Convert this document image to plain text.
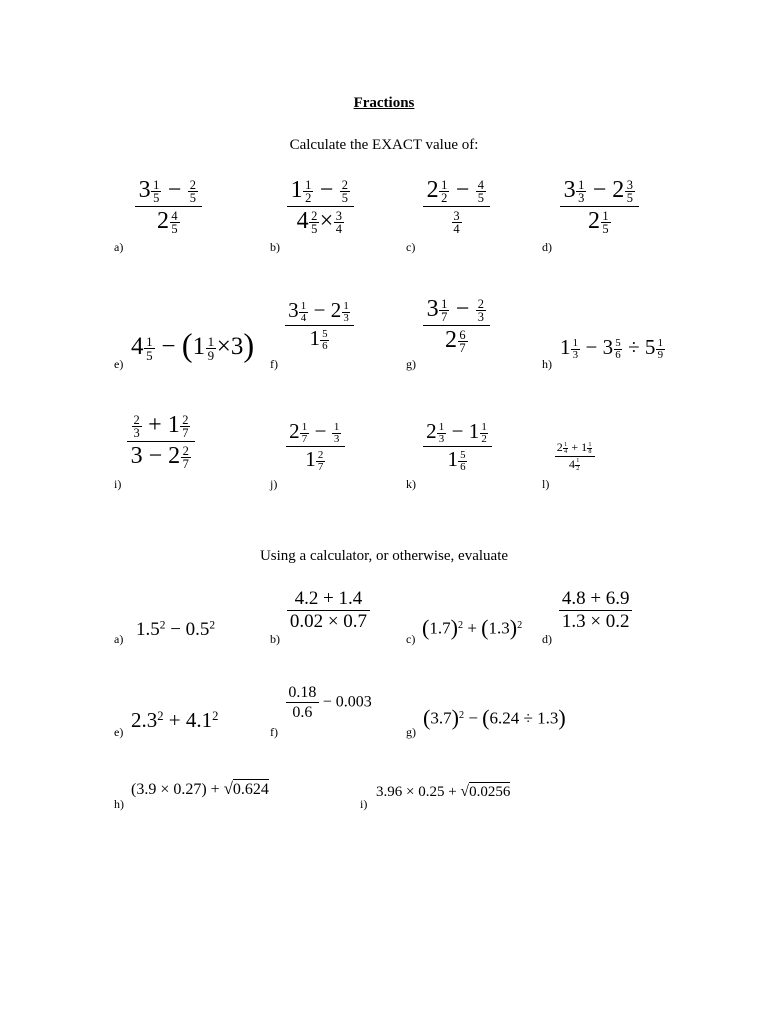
Fractions
Calculate the EXACT value of:
a)
$\frac{3 \frac{1}{5} - \frac{2}{5}}{2 \frac{4}{5}}$
b)
$\frac{1 \frac{1}{2} - \frac{2}{5}}{4 \frac{2}{5} \times \frac{3}{4}}$
c)
$\frac{2 \frac{1}{2} - \frac{4}{5}}{\frac{3}{4}}$
d)
$\frac{3 \frac{1}{3} - 2 \frac{3}{5}}{2 \frac{1}{5}}$
e)
$4 \frac{1}{5} - (1 \frac{1}{9} \times 3)$ f)
$\frac{3 \frac{1}{4} - 2 \frac{1}{3}}{1 \frac{5}{6}}$
g)
$\frac{3 \frac{1}{7} - \frac{2}{3}}{2 \frac{6}{7}}$
h)
$1 \frac{1}{3} - 3 \frac{5}{6} \div 5 \frac{1}{9}$
i)
$\frac{\frac{2}{3} + 1 \frac{2}{7}}{3 - 2 \frac{2}{7}}$
j)
$\frac{2 \frac{1}{7} - \frac{1}{3}}{1 \frac{2}{7}}$
k)
$\frac{2 \frac{1}{3} - 1 \frac{1}{2}}{1 \frac{5}{6}}$
l)
$\frac{2 \frac{1}{4} + 1 \frac{1}{8}}{4 \frac{1}{2}}$
Using a calculator, or otherwise, evaluate
a) $1.5^2 - 0.5^2$
b)
$\frac{4.2 + 1.4}{0.02 \times 0.7}$
c) $(1.7)^2 + (1.3)^2$
d)
$\frac{4.8 + 6.9}{1.3 \times 0.2}$
e) $2.3^2 + 4.1^2$
f)
$\frac{0.18}{0.6} - 0.003$
g)
$(3.7)^2 - (6.24 \div 1.3)$
h)
(3.9 × 0.27) + √0.624
i)
3.96 × 0.25 + √0.0256
